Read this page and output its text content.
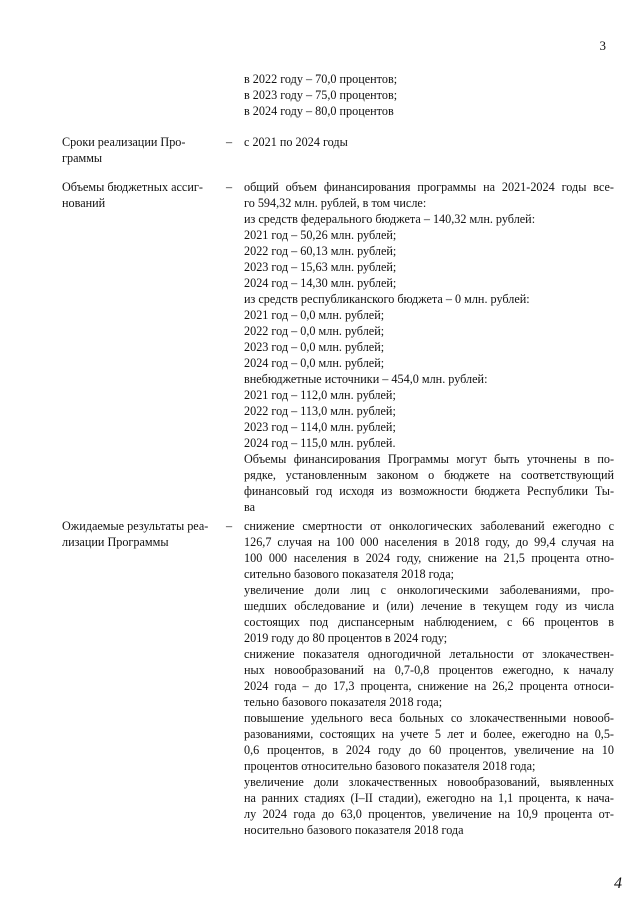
3
в 2022 году – 70,0 процентов;
в 2023 году – 75,0 процентов;
в 2024 году – 80,0 процентов
Сроки реализации Про-
граммы
– с 2021 по 2024 годы
Объемы бюджетных ассиг-
нований
– общий объем финансирования программы на 2021-2024 годы все-
го 594,32 млн. рублей, в том числе:
из средств федерального бюджета – 140,32 млн. рублей:
2021 год – 50,26 млн. рублей;
2022 год – 60,13 млн. рублей;
2023 год – 15,63 млн. рублей;
2024 год – 14,30 млн. рублей;
из средств республиканского бюджета – 0 млн. рублей:
2021 год – 0,0 млн. рублей;
2022 год – 0,0 млн. рублей;
2023 год – 0,0 млн. рублей;
2024 год – 0,0 млн. рублей;
внебюджетные источники – 454,0 млн. рублей:
2021 год – 112,0 млн. рублей;
2022 год – 113,0 млн. рублей;
2023 год – 114,0 млн. рублей;
2024 год – 115,0 млн. рублей.
Объемы финансирования Программы могут быть уточнены в по-
рядке, установленным законом о бюджете на соответствующий
финансовый год исходя из возможности бюджета Республики Ты-
ва
Ожидаемые результаты реа-
лизации Программы
– снижение смертности от онкологических заболеваний ежегодно с
126,7 случая на 100 000 населения в 2018 году, до 99,4 случая на
100 000 населения в 2024 году, снижение на 21,5 процента отно-
сительно базового показателя 2018 года;
увеличение доли лиц с онкологическими заболеваниями, про-
шедших обследование и (или) лечение в текущем году из числа
состоящих под диспансерным наблюдением, с 66 процентов в
2019 году до 80 процентов в 2024 году;
снижение показателя одногодичной летальности от злокачествен-
ных новообразований на 0,7-0,8 процентов ежегодно, к началу
2024 года – до 17,3 процента, снижение на 26,2 процента относи-
тельно базового показателя 2018 года;
повышение удельного веса больных со злокачественными новооб-
разованиями, состоящих на учете 5 лет и более, ежегодно на 0,5-
0,6 процентов, в 2024 году до 60 процентов, увеличение на 10
процентов относительно базового показателя 2018 года;
увеличение доли злокачественных новообразований, выявленных
на ранних стадиях (I–II стадии), ежегодно на 1,1 процента, к нача-
лу 2024 года до 63,0 процентов, увеличение на 10,9 процента от-
носительно базового показателя 2018 года
4
